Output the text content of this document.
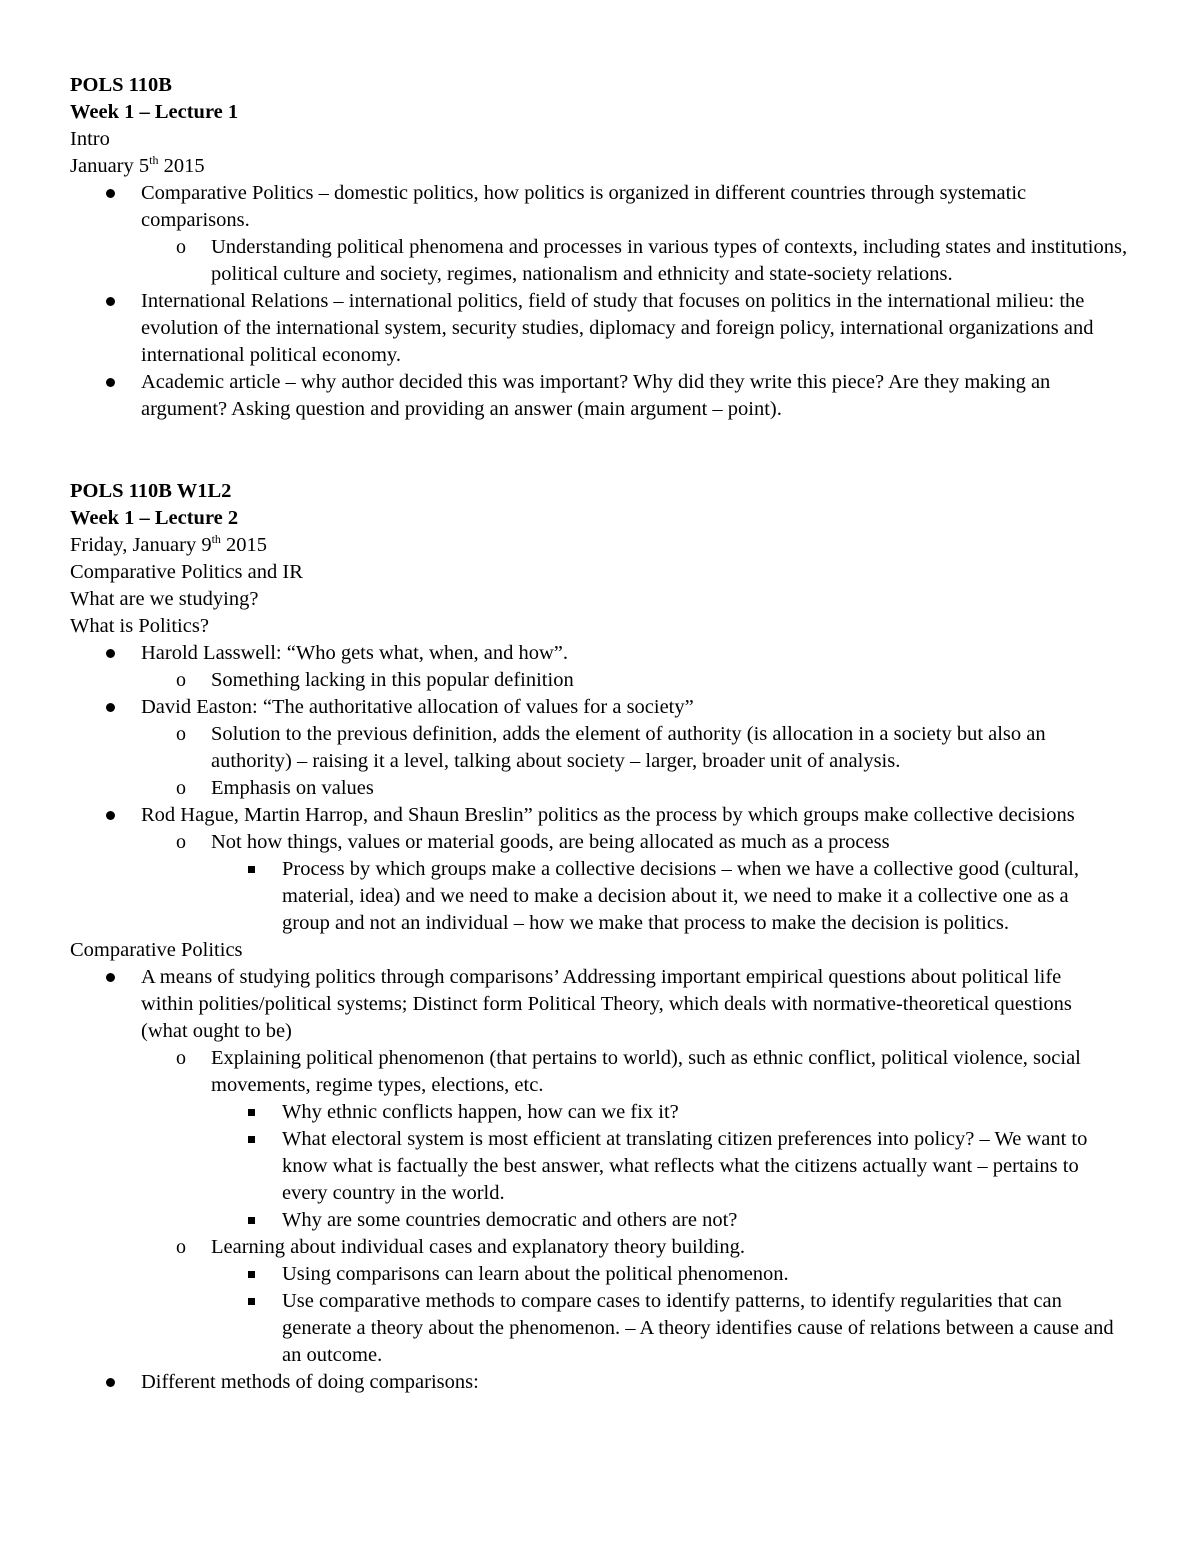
POLS 110B

Week 1 – Lecture 1

Intro

January 5th 2015

Comparative Politics – domestic politics, how politics is organized in different countries through systematic comparisons.
o Understanding political phenomena and processes in various types of contexts, including states and institutions, political culture and society, regimes, nationalism and ethnicity and state-society relations.
International Relations – international politics, field of study that focuses on politics in the international milieu: the evolution of the international system, security studies, diplomacy and foreign policy, international organizations and international political economy.
Academic article – why author decided this was important? Why did they write this piece? Are they making an argument? Asking question and providing an answer (main argument – point).

POLS 110B W1L2

Week 1 – Lecture 2

Friday, January 9th 2015

Comparative Politics and IR

What are we studying?

What is Politics?

Harold Lasswell: “Who gets what, when, and how”.
o Something lacking in this popular definition
David Easton: “The authoritative allocation of values for a society”
o Solution to the previous definition, adds the element of authority (is allocation in a society but also an authority) – raising it a level, talking about society – larger, broader unit of analysis.
o Emphasis on values
Rod Hague, Martin Harrop, and Shaun Breslin” politics as the process by which groups make collective decisions
o Not how things, values or material goods, are being allocated as much as a process
Process by which groups make a collective decisions – when we have a collective good (cultural, material, idea) and we need to make a decision about it, we need to make it a collective one as a group and not an individual – how we make that process to make the decision is politics.

Comparative Politics

A means of studying politics through comparisons’ Addressing important empirical questions about political life within polities/political systems; Distinct form Political Theory, which deals with normative-theoretical questions (what ought to be)
o Explaining political phenomenon (that pertains to world), such as ethnic conflict, political violence, social movements, regime types, elections, etc.
Why ethnic conflicts happen, how can we fix it?
What electoral system is most efficient at translating citizen preferences into policy? – We want to know what is factually the best answer, what reflects what the citizens actually want – pertains to every country in the world.
Why are some countries democratic and others are not?
o Learning about individual cases and explanatory theory building.
Using comparisons can learn about the political phenomenon.
Use comparative methods to compare cases to identify patterns, to identify regularities that can generate a theory about the phenomenon. – A theory identifies cause of relations between a cause and an outcome.
Different methods of doing comparisons:
